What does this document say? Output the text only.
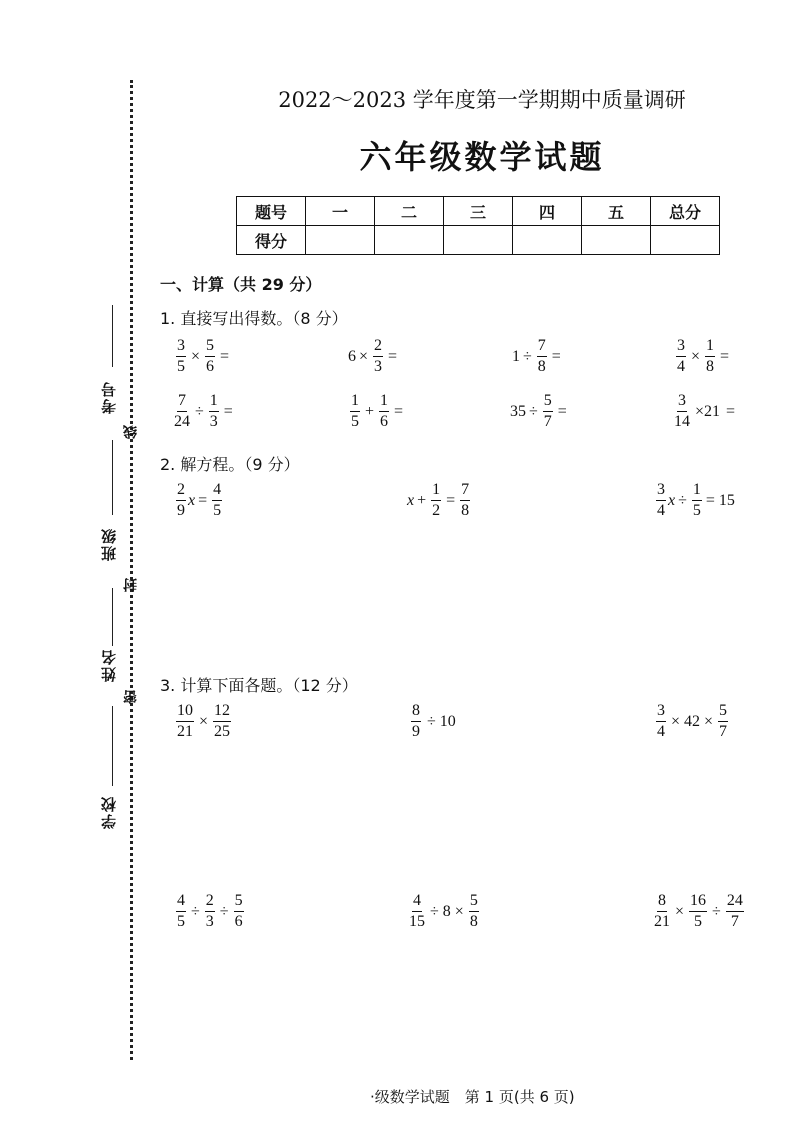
考号
线
班级
封
姓名
密
学校
2022～2023 学年度第一学期期中质量调研
六年级数学试题
题号	一	二	三	四	五	总分
得分						
一、计算（共 29 分）
1. 直接写出得数。（8 分）
2. 解方程。（9 分）
3. 计算下面各题。（12 分）
$\frac{3}{5} \times \frac{5}{6}$ =	$6 \times \frac{2}{3}$ =	$1 \div \frac{7}{8}$ =	$\frac{3}{4} \times \frac{1}{8}$ =
$\frac{7}{24} \div \frac{1}{3}$ =	$\frac{1}{5} + \frac{1}{6}$ =	$35 \div \frac{5}{7}$ =	$\frac{3}{14} \times 21$ =
$\frac{2}{9}$ $x = \frac{4}{5}$	$x + \frac{1}{2} = \frac{7}{8}$	$\frac{3}{4}$ $x \div \frac{1}{5} = 15$
$\frac{10}{21} \times \frac{12}{25}$	$\frac{8}{9} \div 10$	$\frac{3}{4} \times 42 \times \frac{5}{7}$
$\frac{4}{5} \div \frac{2}{3} \div \frac{5}{6}$	$\frac{4}{15} \div 8 \times \frac{5}{8}$	$\frac{8}{21} \times \frac{16}{5} \div \frac{24}{7}$
·级数学试题　第 1 页(共 6 页)
